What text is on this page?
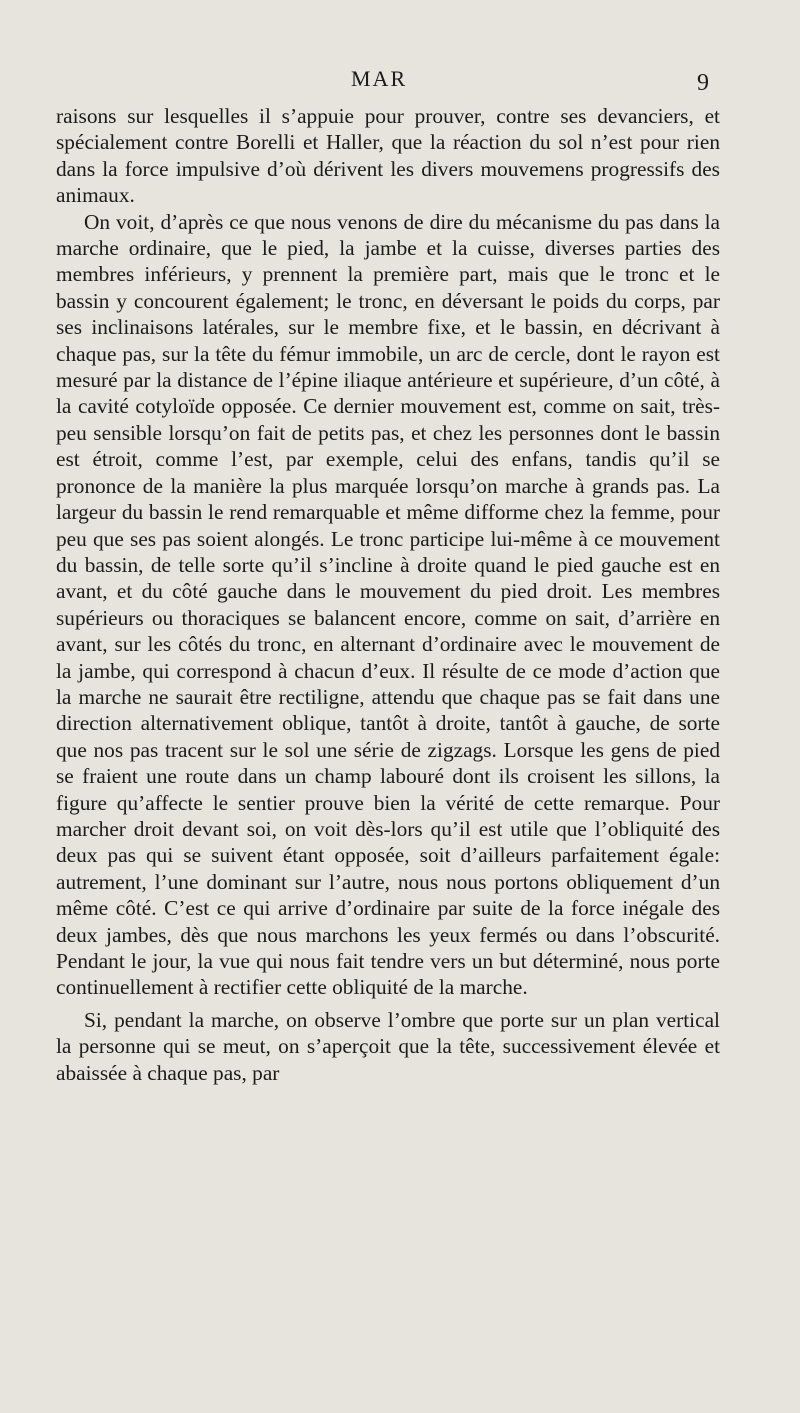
MAR	9

raisons sur lesquelles il s’appuie pour prouver, contre ses devanciers, et spécialement contre Borelli et Haller, que la réaction du sol n’est pour rien dans la force impulsive d’où dérivent les divers mouvemens progressifs des animaux.

On voit, d’après ce que nous venons de dire du mécanisme du pas dans la marche ordinaire, que le pied, la jambe et la cuisse, diverses parties des membres inférieurs, y prennent la première part, mais que le tronc et le bassin y concourent également; le tronc, en déversant le poids du corps, par ses inclinaisons latérales, sur le membre fixe, et le bassin, en décrivant à chaque pas, sur la tête du fémur immobile, un arc de cercle, dont le rayon est mesuré par la distance de l’épine iliaque antérieure et supérieure, d’un côté, à la cavité cotyloïde opposée. Ce dernier mouvement est, comme on sait, très-peu sensible lorsqu’on fait de petits pas, et chez les personnes dont le bassin est étroit, comme l’est, par exemple, celui des enfans, tandis qu’il se prononce de la manière la plus marquée lorsqu’on marche à grands pas. La largeur du bassin le rend remarquable et même difforme chez la femme, pour peu que ses pas soient alongés. Le tronc participe lui-même à ce mouvement du bassin, de telle sorte qu’il s’incline à droite quand le pied gauche est en avant, et du côté gauche dans le mouvement du pied droit. Les membres supérieurs ou thoraciques se balancent encore, comme on sait, d’arrière en avant, sur les côtés du tronc, en alternant d’ordinaire avec le mouvement de la jambe, qui correspond à chacun d’eux. Il résulte de ce mode d’action que la marche ne saurait être rectiligne, attendu que chaque pas se fait dans une direction alternativement oblique, tantôt à droite, tantôt à gauche, de sorte que nos pas tracent sur le sol une série de zigzags. Lorsque les gens de pied se fraient une route dans un champ labouré dont ils croisent les sillons, la figure qu’affecte le sentier prouve bien la vérité de cette remarque. Pour marcher droit devant soi, on voit dès-lors qu’il est utile que l’obliquité des deux pas qui se suivent étant opposée, soit d’ailleurs parfaitement égale: autrement, l’une dominant sur l’autre, nous nous portons obliquement d’un même côté. C’est ce qui arrive d’ordinaire par suite de la force inégale des deux jambes, dès que nous marchons les yeux fermés ou dans l’obscurité. Pendant le jour, la vue qui nous fait tendre vers un but déterminé, nous porte continuellement à rectifier cette obliquité de la marche.

Si, pendant la marche, on observe l’ombre que porte sur un plan vertical la personne qui se meut, on s’aperçoit que la tête, successivement élevée et abaissée à chaque pas, par
